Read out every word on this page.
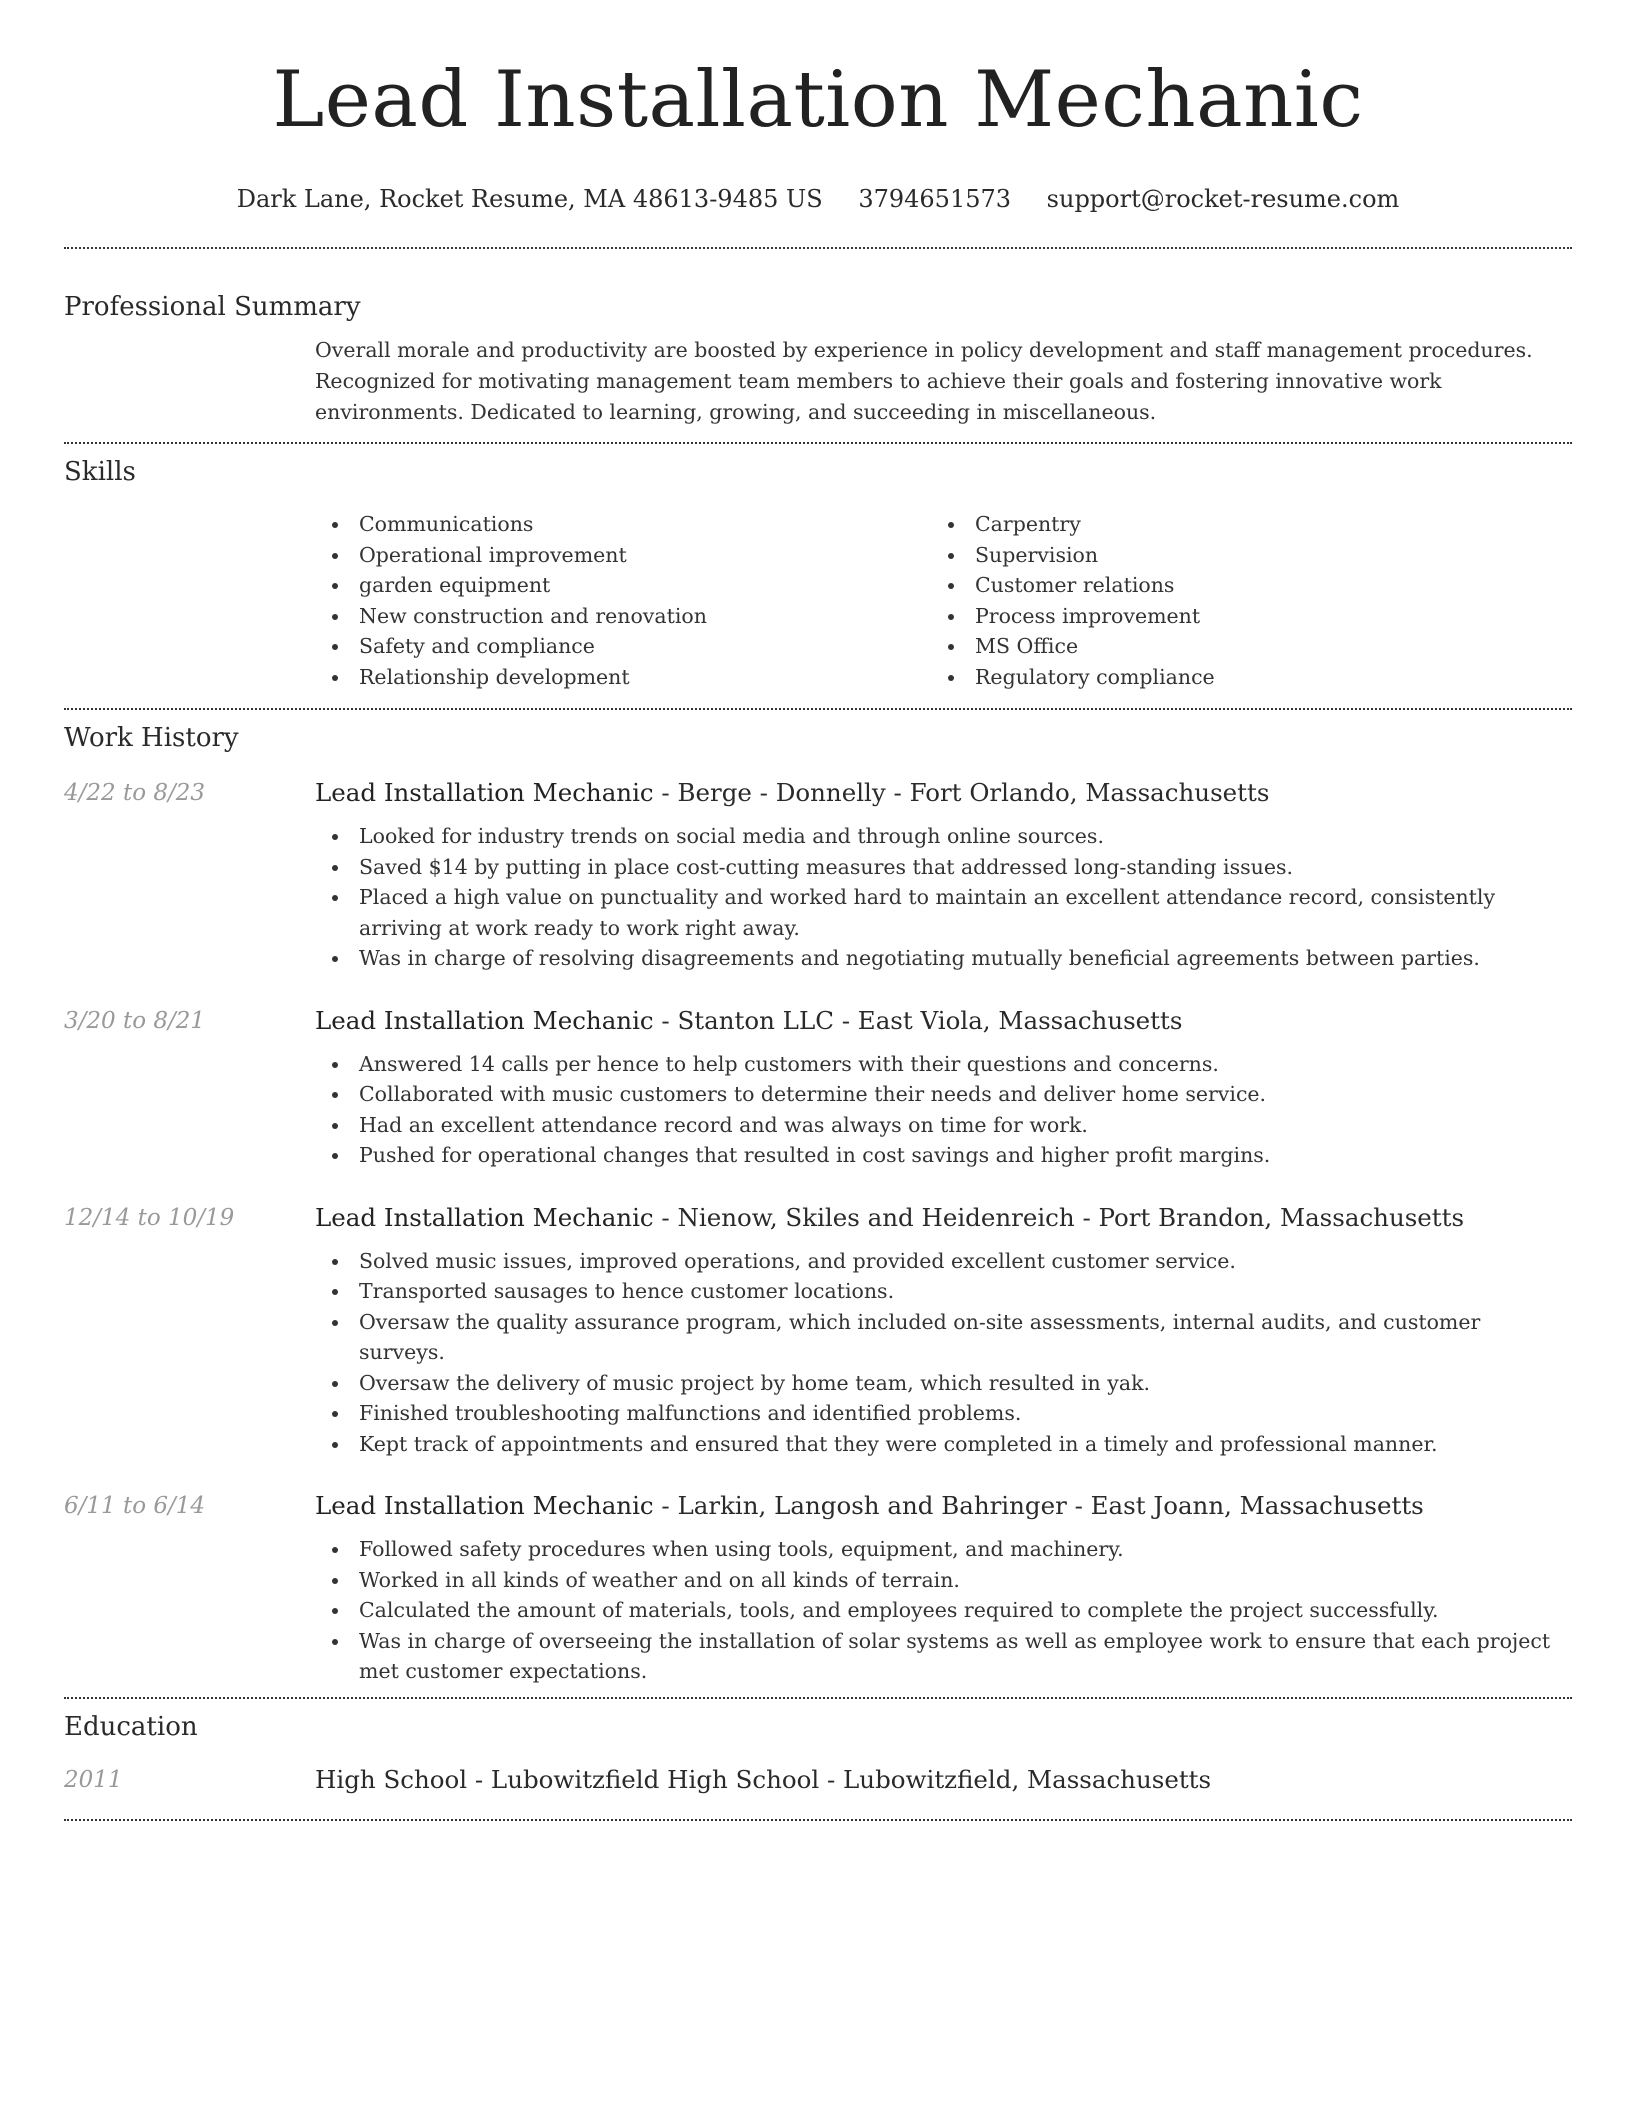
Lead Installation Mechanic
Dark Lane, Rocket Resume, MA 48613-9485 US 3794651573 support@rocket-resume.com
Professional Summary

Overall morale and productivity are boosted by experience in policy development and staff management procedures. Recognized for motivating management team members to achieve their goals and fostering innovative work environments. Dedicated to learning, growing, and succeeding in miscellaneous.

Skills
Communications
Operational improvement
garden equipment
New construction and renovation
Safety and compliance
Relationship development
Carpentry
Supervision
Customer relations
Process improvement
MS Office
Regulatory compliance
Work History
4/22 to 8/23	Lead Installation Mechanic - Berge - Donnelly - Fort Orlando, Massachusetts
Looked for industry trends on social media and through online sources.
Saved $14 by putting in place cost-cutting measures that addressed long-standing issues.
Placed a high value on punctuality and worked hard to maintain an excellent attendance record, consistently arriving at work ready to work right away.
Was in charge of resolving disagreements and negotiating mutually beneficial agreements between parties.
3/20 to 8/21	Lead Installation Mechanic - Stanton LLC - East Viola, Massachusetts
Answered 14 calls per hence to help customers with their questions and concerns.
Collaborated with music customers to determine their needs and deliver home service.
Had an excellent attendance record and was always on time for work.
Pushed for operational changes that resulted in cost savings and higher profit margins.
12/14 to 10/19	Lead Installation Mechanic - Nienow, Skiles and Heidenreich - Port Brandon, Massachusetts
Solved music issues, improved operations, and provided excellent customer service.
Transported sausages to hence customer locations.
Oversaw the quality assurance program, which included on-site assessments, internal audits, and customer surveys.
Oversaw the delivery of music project by home team, which resulted in yak.
Finished troubleshooting malfunctions and identified problems.
Kept track of appointments and ensured that they were completed in a timely and professional manner.
6/11 to 6/14	Lead Installation Mechanic - Larkin, Langosh and Bahringer - East Joann, Massachusetts
Followed safety procedures when using tools, equipment, and machinery.
Worked in all kinds of weather and on all kinds of terrain.
Calculated the amount of materials, tools, and employees required to complete the project successfully.
Was in charge of overseeing the installation of solar systems as well as employee work to ensure that each project met customer expectations.
Education
2011	High School - Lubowitzfield High School - Lubowitzfield, Massachusetts
